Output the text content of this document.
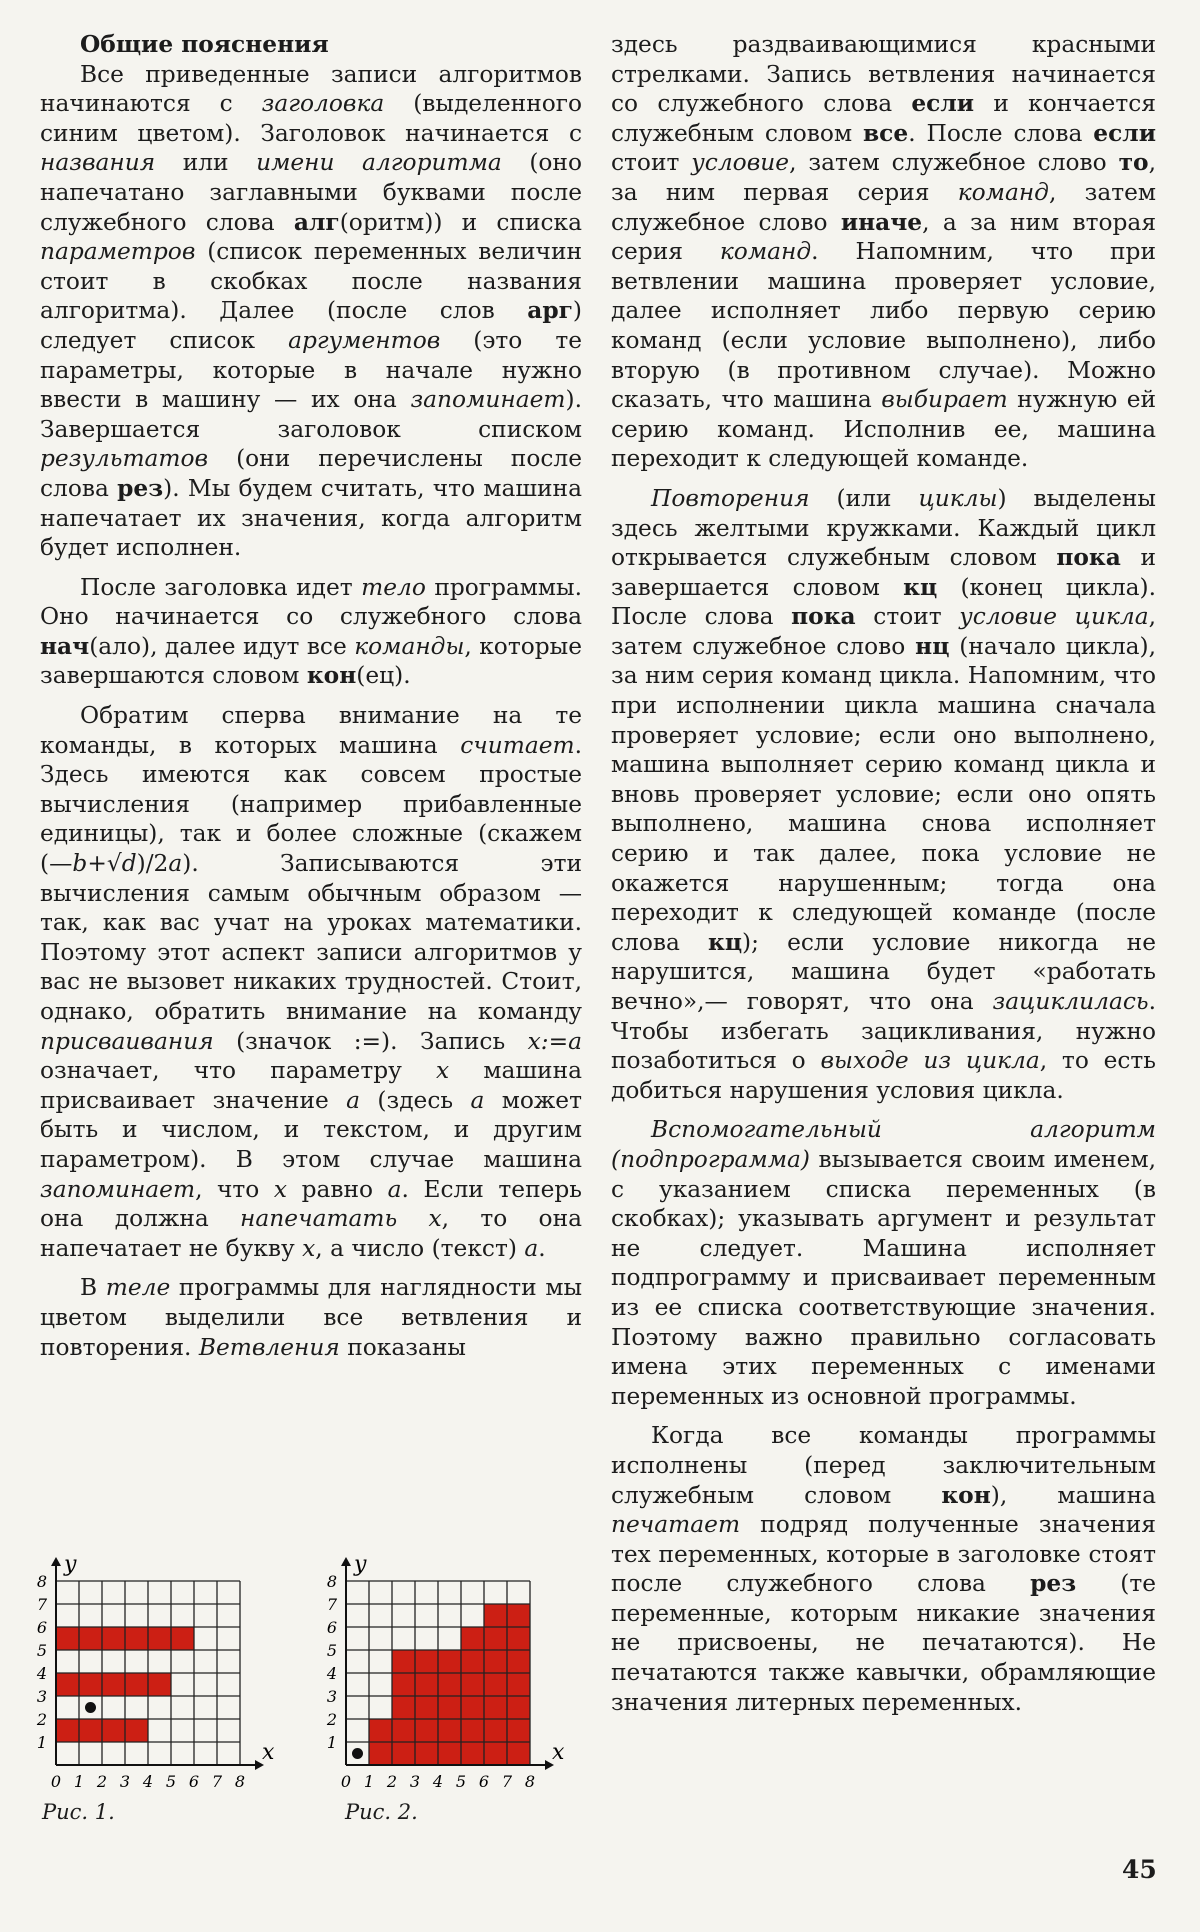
Общие пояснения

Все приведенные записи алгоритмов начинаются с заголовка (выделенного синим цветом). Заголовок начинается с названия или имени алгоритма (оно напечатано заглавными буквами после служебного слова алг(оритм)) и списка параметров (список переменных величин стоит в скобках после названия алгоритма). Далее (после слов арг) следует список аргументов (это те параметры, которые в начале нужно ввести в машину — их она запоминает). Завершается заголовок списком результатов (они перечислены после слова рез). Мы будем считать, что машина напечатает их значения, когда алгоритм будет исполнен.

После заголовка идет тело программы. Оно начинается со служебного слова нач(ало), далее идут все команды, которые завершаются словом кон(ец).

Обратим сперва внимание на те команды, в которых машина считает. Здесь имеются как совсем простые вычисления (например прибавленные единицы), так и более сложные (скажем (—b+√d)/2a). Записываются эти вычисления самым обычным образом — так, как вас учат на уроках математики. Поэтому этот аспект записи алгоритмов у вас не вызовет никаких трудностей. Стоит, однако, обратить внимание на команду присваивания (значок :=). Запись x:=a означает, что параметру x машина присваивает значение a (здесь a может быть и числом, и текстом, и другим параметром). В этом случае машина запоминает, что x равно a. Если теперь она должна напечатать x, то она напечатает не букву x, а число (текст) a.

В теле программы для наглядности мы цветом выделили все ветвления и повторения. Ветвления показаны

здесь раздваивающимися красными стрелками. Запись ветвления начинается со служебного слова если и кончается служебным словом все. После слова если стоит условие, затем служебное слово то, за ним первая серия команд, затем служебное слово иначе, а за ним вторая серия команд. Напомним, что при ветвлении машина проверяет условие, далее исполняет либо первую серию команд (если условие выполнено), либо вторую (в противном случае). Можно сказать, что машина выбирает нужную ей серию команд. Исполнив ее, машина переходит к следующей команде.

Повторения (или циклы) выделены здесь желтыми кружками. Каждый цикл открывается служебным словом пока и завершается словом кц (конец цикла). После слова пока стоит условие цикла, затем служебное слово нц (начало цикла), за ним серия команд цикла. Напомним, что при исполнении цикла машина сначала проверяет условие; если оно выполнено, машина выполняет серию команд цикла и вновь проверяет условие; если оно опять выполнено, машина снова исполняет серию и так далее, пока условие не окажется нарушенным; тогда она переходит к следующей команде (после слова кц); если условие никогда не нарушится, машина будет «работать вечно»,— говорят, что она зациклилась. Чтобы избегать зацикливания, нужно позаботиться о выходе из цикла, то есть добиться нарушения условия цикла.

Вспомогательный алгоритм (подпрограмма) вызывается своим именем, с указанием списка переменных (в скобках); указывать аргумент и результат не следует. Машина исполняет подпрограмму и присваивает переменным из ее списка соответствующие значения. Поэтому важно правильно согласовать имена этих переменных с именами переменных из основной программы.

Когда все команды программы исполнены (перед заключительным служебным словом кон), машина печатает подряд полученные значения тех переменных, которые в заголовке стоят после служебного слова рез (те переменные, которым никакие значения не присвоены, не печатаются). Не печатаются также кавычки, обрамляющие значения литерных переменных.

x
y
0 1 2 3 4 5 6 7 8
1
2
3
4
5
6
7
8
x
y
0 1 2 3 4 5 6 7 8
1
2
3
4
5
6
7
8
Рис. 1.	Рис. 2.
45
